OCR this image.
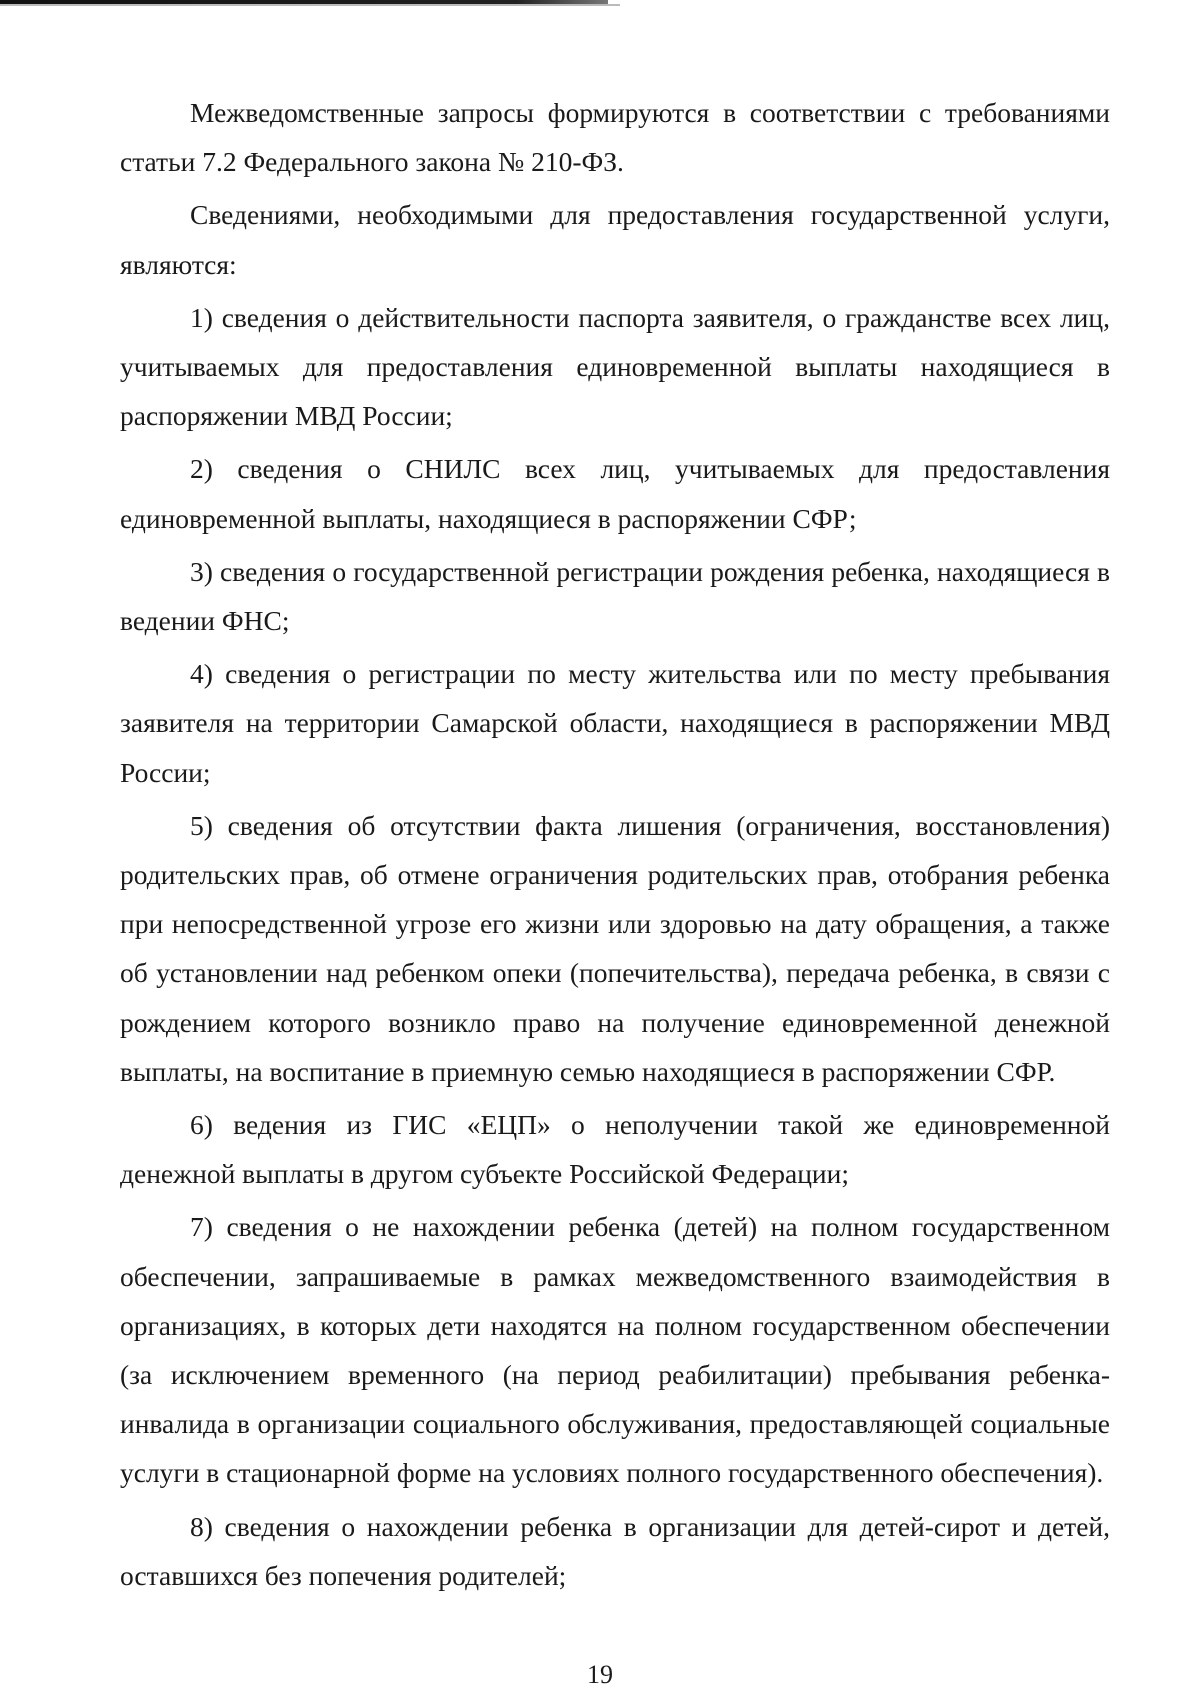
Межведомственные запросы формируются в соответствии с требованиями статьи 7.2 Федерального закона № 210-ФЗ.

Сведениями, необходимыми для предоставления государственной услуги, являются:

1) сведения о действительности паспорта заявителя, о гражданстве всех лиц, учитываемых для предоставления единовременной выплаты находящиеся в распоряжении МВД России;

2) сведения о СНИЛС всех лиц, учитываемых для предоставления единовременной выплаты, находящиеся в распоряжении СФР;

3) сведения о государственной регистрации рождения ребенка, находящиеся в ведении ФНС;

4) сведения о регистрации по месту жительства или по месту пребывания заявителя на территории Самарской области, находящиеся в распоряжении МВД России;

5) сведения об отсутствии факта лишения (ограничения, восстановления) родительских прав, об отмене ограничения родительских прав, отобрания ребенка при непосредственной угрозе его жизни или здоровью на дату обращения, а также об установлении над ребенком опеки (попечительства), передача ребенка, в связи с рождением которого возникло право на получение единовременной денежной выплаты, на воспитание в приемную семью находящиеся в распоряжении СФР.

6) ведения из ГИС «ЕЦП» о неполучении такой же единовременной денежной выплаты в другом субъекте Российской Федерации;

7) сведения о не нахождении ребенка (детей) на полном государственном обеспечении, запрашиваемые в рамках межведомственного взаимодействия в организациях, в которых дети находятся на полном государственном обеспечении (за исключением временного (на период реабилитации) пребывания ребенка-инвалида в организации социального обслуживания, предоставляющей социальные услуги в стационарной форме на условиях полного государственного обеспечения).

8) сведения о нахождении ребенка в организации для детей-сирот и детей, оставшихся без попечения родителей;

19
